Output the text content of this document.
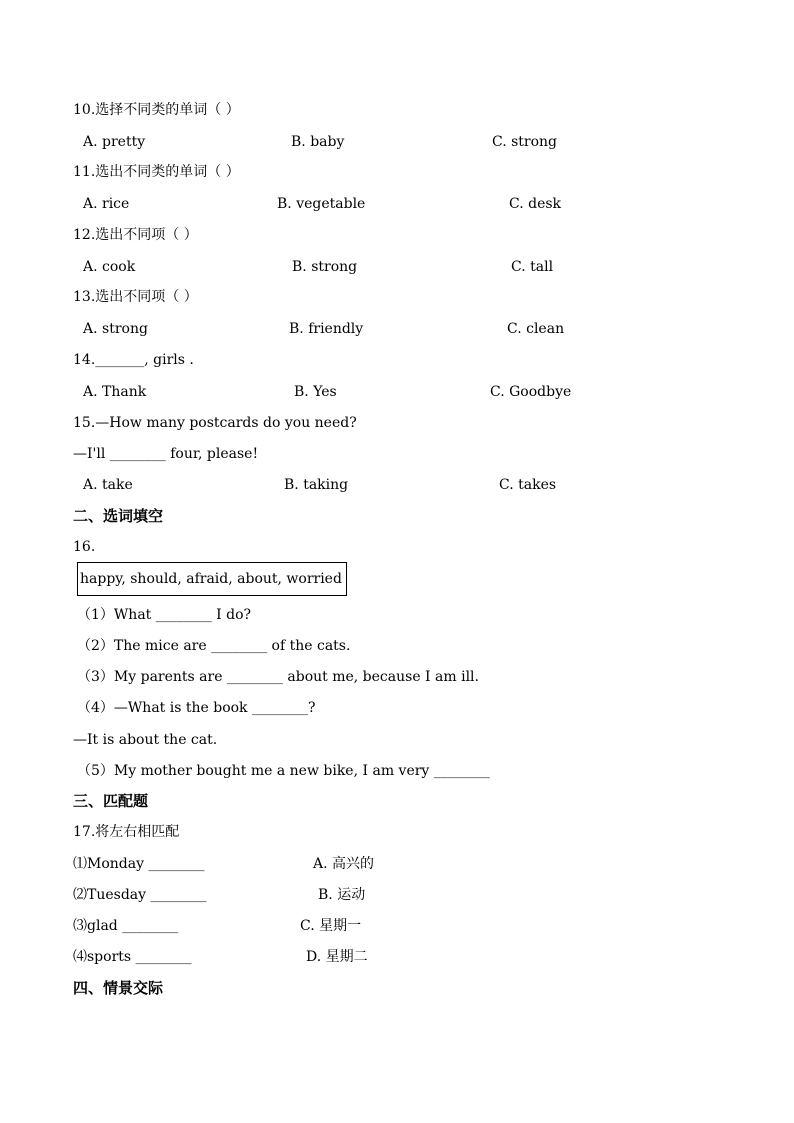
10.选择不同类的单词（ ）
A. pretty	B. baby	C. strong
11.选出不同类的单词（ ）
A. rice	B. vegetable	C. desk
12.选出不同项（ ）
A. cook	B. strong	C. tall
13.选出不同项（ ）
A. strong	B. friendly	C. clean
14._______, girls .
A. Thank	B. Yes	C. Goodbye
15.—How many postcards do you need?
—I'll ________ four, please!
A. take	B. taking	C. takes
二、选词填空
16.
happy, should, afraid, about, worried
（1）What ________ I do?
（2）The mice are ________ of the cats.
（3）My parents are ________ about me, because I am ill.
（4）—What is the book ________?
—It is about the cat.
（5）My mother bought me a new bike, I am very ________
三、匹配题
17.将左右相匹配
⑴Monday ________	A. 高兴的
⑵Tuesday ________	B. 运动
⑶glad ________	C. 星期一
⑷sports ________	D. 星期二
四、情景交际
